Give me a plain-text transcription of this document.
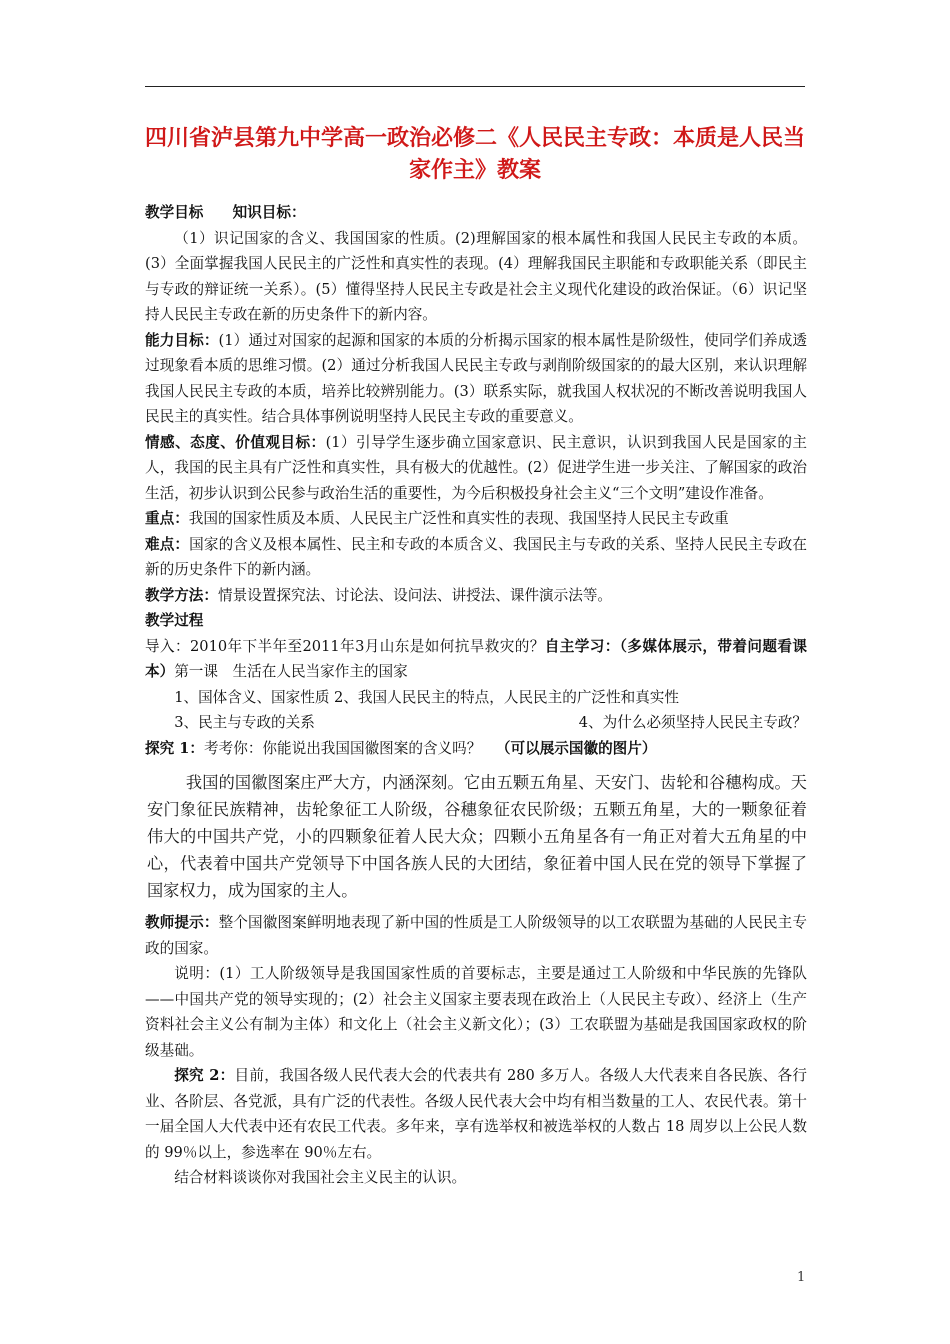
四川省泸县第九中学高一政治必修二《人民民主专政：本质是人民当家作主》教案

教学目标　　 知识目标：

（1）识记国家的含义、我国国家的性质。(2)理解国家的根本属性和我国人民民主专政的本质。(3）全面掌握我国人民民主的广泛性和真实性的表现。(4）理解我国民主职能和专政职能关系（即民主与专政的辩证统一关系）。(5）懂得坚持人民民主专政是社会主义现代化建设的政治保证。（6）识记坚持人民民主专政在新的历史条件下的新内容。

能力目标：(1）通过对国家的起源和国家的本质的分析揭示国家的根本属性是阶级性，使同学们养成透过现象看本质的思维习惯。(2）通过分析我国人民民主专政与剥削阶级国家的的最大区别，来认识理解我国人民民主专政的本质，培养比较辨别能力。(3）联系实际，就我国人权状况的不断改善说明我国人民民主的真实性。结合具体事例说明坚持人民民主专政的重要意义。

情感、态度、价值观目标：(1）引导学生逐步确立国家意识、民主意识，认识到我国人民是国家的主人，我国的民主具有广泛性和真实性，具有极大的优越性。(2）促进学生进一步关注、了解国家的政治生活，初步认识到公民参与政治生活的重要性，为今后积极投身社会主义“三个文明”建设作准备。

重点：我国的国家性质及本质、人民民主广泛性和真实性的表现、我国坚持人民民主专政重

难点：国家的含义及根本属性、民主和专政的本质含义、我国民主与专政的关系、坚持人民民主专政在新的历史条件下的新内涵。

教学方法：情景设置探究法、讨论法、设问法、讲授法、课件演示法等。

教学过程

导入：2010年下半年至2011年3月山东是如何抗旱救灾的？自主学习：（多媒体展示，带着问题看课本）第一课　生活在人民当家作主的国家

1、国体含义、国家性质 2、我国人民民主的特点，人民民主的广泛性和真实性

3、民主与专政的关系	4、为什么必须坚持人民民主专政？

探究 1：考考你：你能说出我国国徽图案的含义吗？  （可以展示国徽的图片）

我国的国徽图案庄严大方，内涵深刻。它由五颗五角星、天安门、齿轮和谷穗构成。天安门象征民族精神，齿轮象征工人阶级，谷穗象征农民阶级；五颗五角星，大的一颗象征着伟大的中国共产党，小的四颗象征着人民大众；四颗小五角星各有一角正对着大五角星的中心，代表着中国共产党领导下中国各族人民的大团结，象征着中国人民在党的领导下掌握了国家权力，成为国家的主人。

教师提示：整个国徽图案鲜明地表现了新中国的性质是工人阶级领导的以工农联盟为基础的人民民主专政的国家。

说明：(1）工人阶级领导是我国国家性质的首要标志，主要是通过工人阶级和中华民族的先锋队——中国共产党的领导实现的；(2）社会主义国家主要表现在政治上（人民民主专政）、经济上（生产资料社会主义公有制为主体）和文化上（社会主义新文化）；(3）工农联盟为基础是我国国家政权的阶级基础。

探究 2：目前，我国各级人民代表大会的代表共有 280 多万人。各级人大代表来自各民族、各行业、各阶层、各党派，具有广泛的代表性。各级人民代表大会中均有相当数量的工人、农民代表。第十一届全国人大代表中还有农民工代表。多年来，享有选举权和被选举权的人数占 18 周岁以上公民人数的 99％以上，参选率在 90％左右。

结合材料谈谈你对我国社会主义民主的认识。

1
